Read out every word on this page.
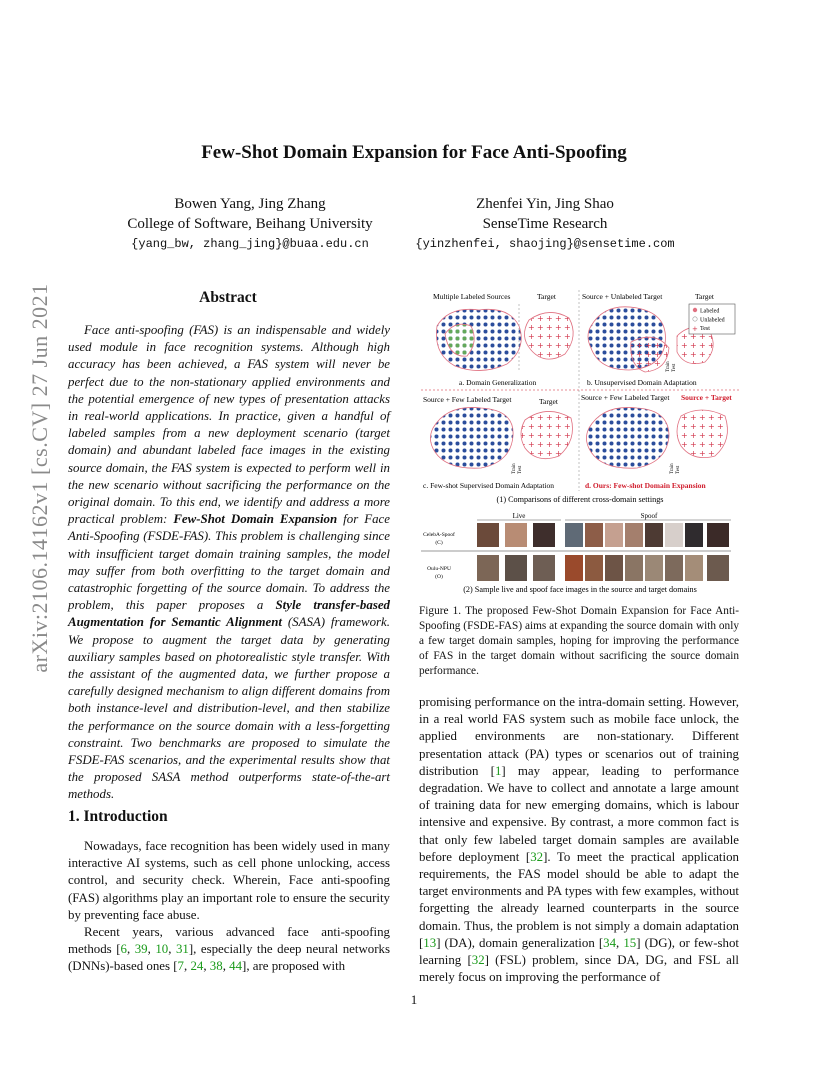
arXiv:2106.14162v1 [cs.CV] 27 Jun 2021
Few-Shot Domain Expansion for Face Anti-Spoofing
Bowen Yang, Jing Zhang
College of Software, Beihang University
{yang_bw, zhang_jing}@buaa.edu.cn
Zhenfei Yin, Jing Shao
SenseTime Research
{yinzhenfei, shaojing}@sensetime.com
Abstract
Face anti-spoofing (FAS) is an indispensable and widely used module in face recognition systems. Although high accuracy has been achieved, a FAS system will never be perfect due to the non-stationary applied environments and the potential emergence of new types of presentation attacks in real-world applications. In practice, given a handful of labeled samples from a new deployment scenario (target domain) and abundant labeled face images in the existing source domain, the FAS system is expected to perform well in the new scenario without sacrificing the performance on the original domain. To this end, we identify and address a more practical problem: Few-Shot Domain Expansion for Face Anti-Spoofing (FSDE-FAS). This problem is challenging since with insufficient target domain training samples, the model may suffer from both overfitting to the target domain and catastrophic forgetting of the source domain. To address the problem, this paper proposes a Style transfer-based Augmentation for Semantic Alignment (SASA) framework. We propose to augment the target data by generating auxiliary samples based on photorealistic style transfer. With the assistant of the augmented data, we further propose a carefully designed mechanism to align different domains from both instance-level and distribution-level, and then stabilize the performance on the source domain with a less-forgetting constraint. Two benchmarks are proposed to simulate the FSDE-FAS scenarios, and the experimental results show that the proposed SASA method outperforms state-of-the-art methods.
1. Introduction

Nowadays, face recognition has been widely used in many interactive AI systems, such as cell phone unlocking, access control, and security check. Wherein, Face anti-spoofing (FAS) algorithms play an important role to ensure the security by preventing face abuse.

Recent years, various advanced face anti-spoofing methods [6, 39, 10, 31], especially the deep neural networks (DNNs)-based ones [7, 24, 38, 44], are proposed with

Multiple Labeled Sources	Target
a. Domain Generalization
Source + Unlabeled Target	Target
Labeled
Unlabeled
+ Test
Train Test
b. Unsupervised Domain Adaptation
Source + Few Labeled Target	Target
Train Test
c. Few-shot Supervised Domain Adaptation
Source + Few Labeled Target Source + Target
Train Test
d. Ours: Few-shot Domain Expansion
(1) Comparisons of different cross-domain settings
Live	Spoof
CelebA-Spoof
(C)
Oulu-NPU
(O)
(2) Sample live and spoof face images in the source and target domains
Figure 1. The proposed Few-Shot Domain Expansion for Face Anti-Spoofing (FSDE-FAS) aims at expanding the source domain with only a few target domain samples, hoping for improving the performance of FAS in the target domain without sacrificing the source domain performance.
promising performance on the intra-domain setting. However, in a real world FAS system such as mobile face unlock, the applied environments are non-stationary. Different presentation attack (PA) types or scenarios out of training distribution [1] may appear, leading to performance degradation. We have to collect and annotate a large amount of training data for new emerging domains, which is labour intensive and expensive. By contrast, a more common fact is that only few labeled target domain samples are available before deployment [32]. To meet the practical application requirements, the FAS model should be able to adapt the target environments and PA types with few examples, without forgetting the already learned counterparts in the source domain. Thus, the problem is not simply a domain adaptation [13] (DA), domain generalization [34, 15] (DG), or few-shot learning [32] (FSL) problem, since DA, DG, and FSL all merely focus on improving the performance of
1
